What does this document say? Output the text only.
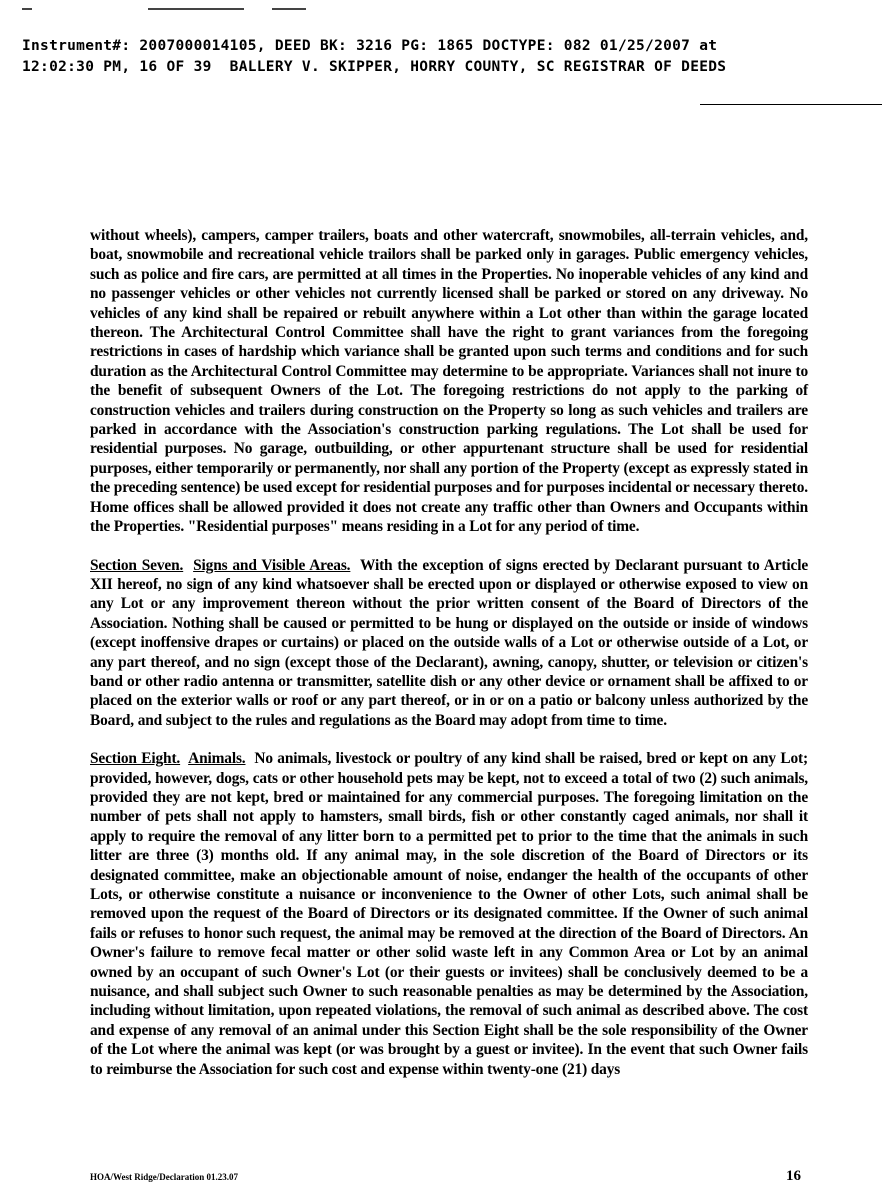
Instrument#: 2007000014105, DEED BK: 3216 PG: 1865 DOCTYPE: 082 01/25/2007 at
12:02:30 PM, 16 OF 39  BALLERY V. SKIPPER, HORRY COUNTY, SC REGISTRAR OF DEEDS

without wheels), campers, camper trailers, boats and other watercraft, snowmobiles, all-terrain vehicles, and, boat, snowmobile and recreational vehicle trailors shall be parked only in garages. Public emergency vehicles, such as police and fire cars, are permitted at all times in the Properties. No inoperable vehicles of any kind and no passenger vehicles or other vehicles not currently licensed shall be parked or stored on any driveway. No vehicles of any kind shall be repaired or rebuilt anywhere within a Lot other than within the garage located thereon. The Architectural Control Committee shall have the right to grant variances from the foregoing restrictions in cases of hardship which variance shall be granted upon such terms and conditions and for such duration as the Architectural Control Committee may determine to be appropriate. Variances shall not inure to the benefit of subsequent Owners of the Lot. The foregoing restrictions do not apply to the parking of construction vehicles and trailers during construction on the Property so long as such vehicles and trailers are parked in accordance with the Association's construction parking regulations. The Lot shall be used for residential purposes. No garage, outbuilding, or other appurtenant structure shall be used for residential purposes, either temporarily or permanently, nor shall any portion of the Property (except as expressly stated in the preceding sentence) be used except for residential purposes and for purposes incidental or necessary thereto. Home offices shall be allowed provided it does not create any traffic other than Owners and Occupants within the Properties. "Residential purposes" means residing in a Lot for any period of time.

Section Seven. Signs and Visible Areas. With the exception of signs erected by Declarant pursuant to Article XII hereof, no sign of any kind whatsoever shall be erected upon or displayed or otherwise exposed to view on any Lot or any improvement thereon without the prior written consent of the Board of Directors of the Association. Nothing shall be caused or permitted to be hung or displayed on the outside or inside of windows (except inoffensive drapes or curtains) or placed on the outside walls of a Lot or otherwise outside of a Lot, or any part thereof, and no sign (except those of the Declarant), awning, canopy, shutter, or television or citizen's band or other radio antenna or transmitter, satellite dish or any other device or ornament shall be affixed to or placed on the exterior walls or roof or any part thereof, or in or on a patio or balcony unless authorized by the Board, and subject to the rules and regulations as the Board may adopt from time to time.

Section Eight. Animals. No animals, livestock or poultry of any kind shall be raised, bred or kept on any Lot; provided, however, dogs, cats or other household pets may be kept, not to exceed a total of two (2) such animals, provided they are not kept, bred or maintained for any commercial purposes. The foregoing limitation on the number of pets shall not apply to hamsters, small birds, fish or other constantly caged animals, nor shall it apply to require the removal of any litter born to a permitted pet to prior to the time that the animals in such litter are three (3) months old. If any animal may, in the sole discretion of the Board of Directors or its designated committee, make an objectionable amount of noise, endanger the health of the occupants of other Lots, or otherwise constitute a nuisance or inconvenience to the Owner of other Lots, such animal shall be removed upon the request of the Board of Directors or its designated committee. If the Owner of such animal fails or refuses to honor such request, the animal may be removed at the direction of the Board of Directors. An Owner's failure to remove fecal matter or other solid waste left in any Common Area or Lot by an animal owned by an occupant of such Owner's Lot (or their guests or invitees) shall be conclusively deemed to be a nuisance, and shall subject such Owner to such reasonable penalties as may be determined by the Association, including without limitation, upon repeated violations, the removal of such animal as described above. The cost and expense of any removal of an animal under this Section Eight shall be the sole responsibility of the Owner of the Lot where the animal was kept (or was brought by a guest or invitee). In the event that such Owner fails to reimburse the Association for such cost and expense within twenty-one (21) days

HOA/West Ridge/Declaration 01.23.07	16
